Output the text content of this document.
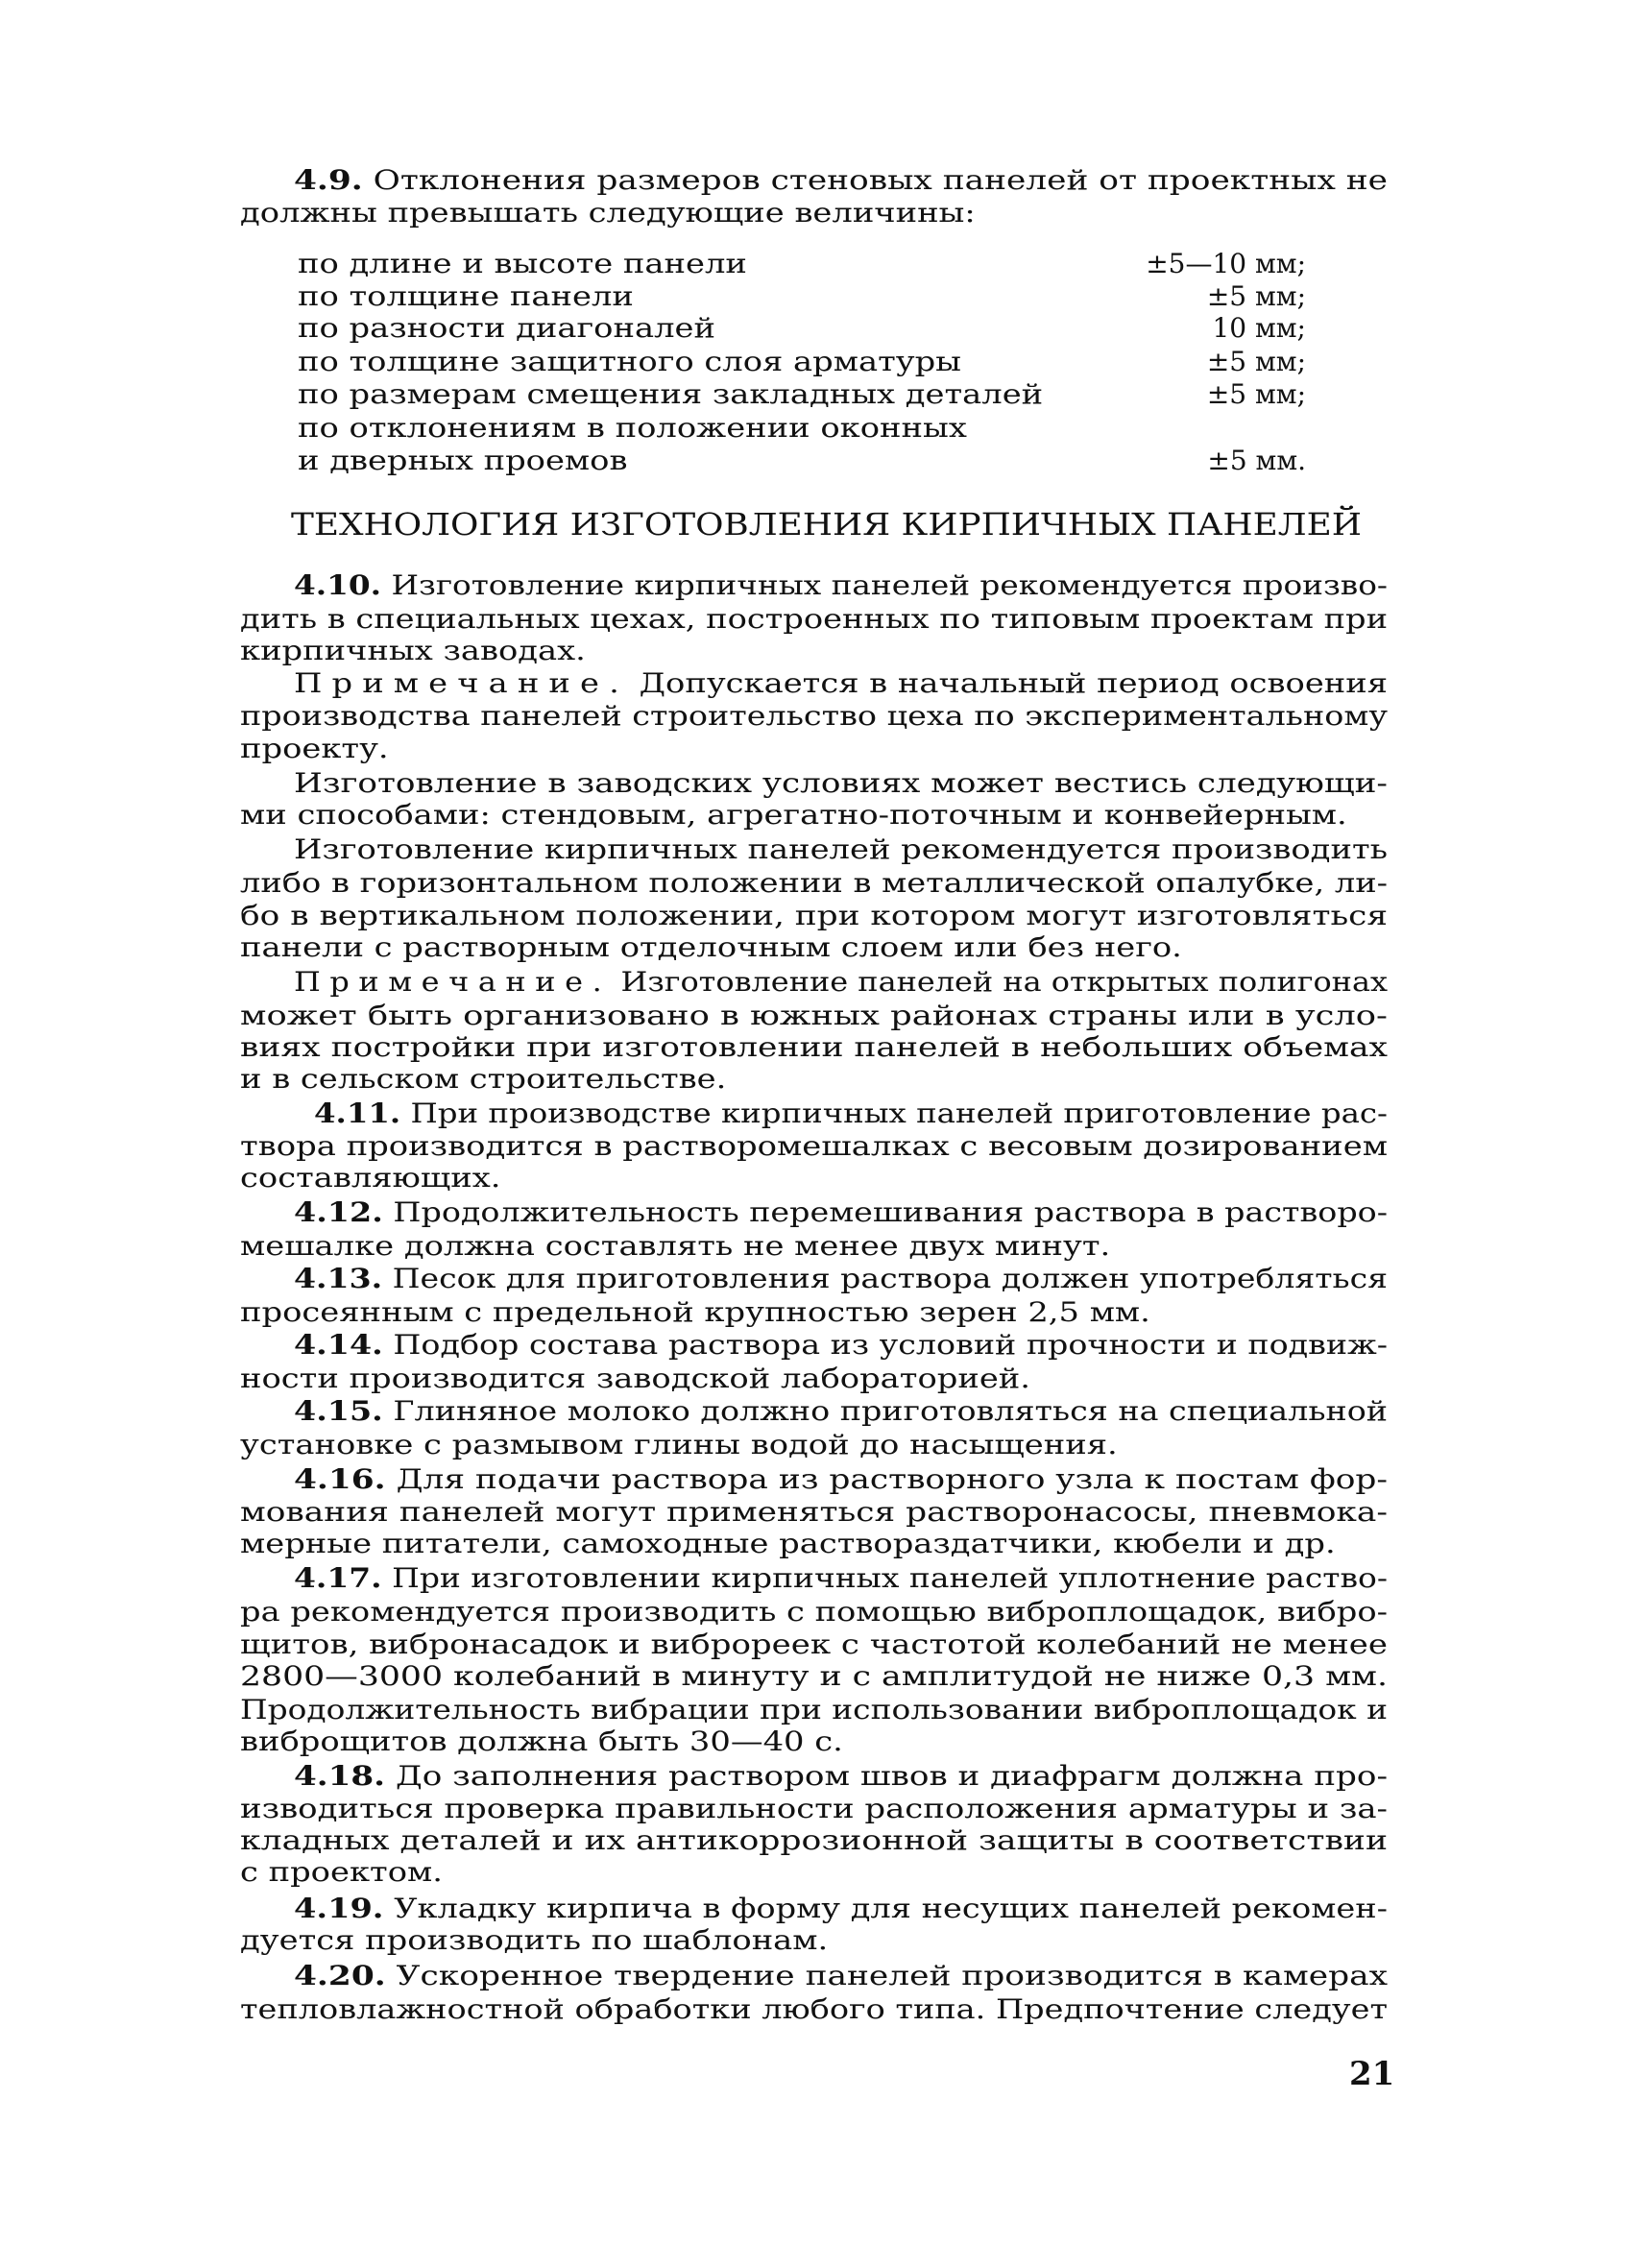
ТЕХНОЛОГИЯ ИЗГОТОВЛЕНИЯ КИРПИЧНЫХ ПАНЕЛЕЙ
21
4.9. Отклонения размеров стеновых панелей от проектных не
должны превышать следующие величины:
по длине и высоте панели	±5—10 мм;
по толщине панели	±5 мм;
по разности диагоналей	10 мм;
по толщине защитного слоя арматуры	±5 мм;
по размерам смещения закладных деталей	±5 мм;
по отклонениям в положении оконных
и дверных проемов	±5 мм.
4.10. Изготовление кирпичных панелей рекомендуется произво-
дить в специальных цехах, построенных по типовым проектам при
кирпичных заводах.
Примечание. Допускается в начальный период освоения
производства панелей строительство цеха по экспериментальному
проекту.
Изготовление в заводских условиях может вестись следующи-
ми способами: стендовым, агрегатно-поточным и конвейерным.
Изготовление кирпичных панелей рекомендуется производить
либо в горизонтальном положении в металлической опалубке, ли-
бо в вертикальном положении, при котором могут изготовляться
панели с растворным отделочным слоем или без него.
Примечание. Изготовление панелей на открытых полигонах
может быть организовано в южных районах страны или в усло-
виях постройки при изготовлении панелей в небольших объемах
и в сельском строительстве.
4.11. При производстве кирпичных панелей приготовление рас-
твора производится в растворомешалках с весовым дозированием
составляющих.
4.12. Продолжительность перемешивания раствора в растворо-
мешалке должна составлять не менее двух минут.
4.13. Песок для приготовления раствора должен употребляться
просеянным с предельной крупностью зерен 2,5 мм.
4.14. Подбор состава раствора из условий прочности и подвиж-
ности производится заводской лабораторией.
4.15. Глиняное молоко должно приготовляться на специальной
установке с размывом глины водой до насыщения.
4.16. Для подачи раствора из растворного узла к постам фор-
мования панелей могут применяться растворонасосы, пневмока-
мерные питатели, самоходные раствораздатчики, кюбели и др.
4.17. При изготовлении кирпичных панелей уплотнение раство-
ра рекомендуется производить с помощью виброплощадок, вибро-
щитов, вибронасадок и виброреек с частотой колебаний не менее
2800—3000 колебаний в минуту и с амплитудой не ниже 0,3 мм.
Продолжительность вибрации при использовании виброплощадок и
виброщитов должна быть 30—40 с.
4.18. До заполнения раствором швов и диафрагм должна про-
изводиться проверка правильности расположения арматуры и за-
кладных деталей и их антикоррозионной защиты в соответствии
с проектом.
4.19. Укладку кирпича в форму для несущих панелей рекомен-
дуется производить по шаблонам.
4.20. Ускоренное твердение панелей производится в камерах
тепловлажностной обработки любого типа. Предпочтение следует
